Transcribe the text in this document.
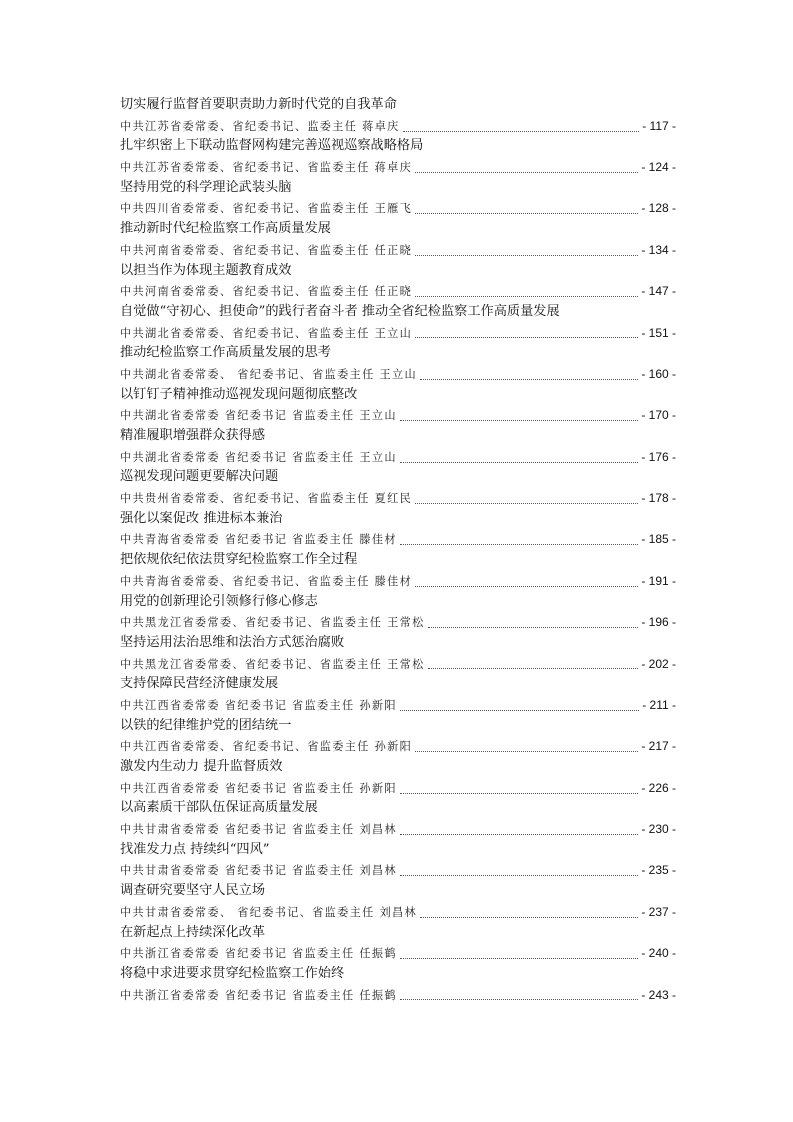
切实履行监督首要职责助力新时代党的自我革命
中共江苏省委常委、省纪委书记、监委主任 蒋卓庆	- 117 -
扎牢织密上下联动监督网构建完善巡视巡察战略格局
中共江苏省委常委、省纪委书记、省监委主任 蒋卓庆	- 124 -
坚持用党的科学理论武装头脑
中共四川省委常委、省纪委书记、省监委主任 王雁飞	- 128 -
推动新时代纪检监察工作高质量发展
中共河南省委常委、省纪委书记、省监委主任 任正晓	- 134 -
以担当作为体现主题教育成效
中共河南省委常委、省纪委书记、省监委主任 任正晓	- 147 -
自觉做“守初心、担使命”的践行者奋斗者 推动全省纪检监察工作高质量发展
中共湖北省委常委、省纪委书记、省监委主任 王立山	- 151 -
推动纪检监察工作高质量发展的思考
中共湖北省委常委、 省纪委书记、省监委主任 王立山	- 160 -
以钉钉子精神推动巡视发现问题彻底整改
中共湖北省委常委 省纪委书记 省监委主任 王立山	- 170 -
精准履职增强群众获得感
中共湖北省委常委 省纪委书记 省监委主任 王立山	- 176 -
巡视发现问题更要解决问题
中共贵州省委常委、省纪委书记、省监委主任 夏红民	- 178 -
强化以案促改 推进标本兼治
中共青海省委常委 省纪委书记 省监委主任 滕佳材	- 185 -
把依规依纪依法贯穿纪检监察工作全过程
中共青海省委常委、省纪委书记、省监委主任 滕佳材	- 191 -
用党的创新理论引领修行修心修志
中共黑龙江省委常委、省纪委书记、省监委主任 王常松	- 196 -
坚持运用法治思维和法治方式惩治腐败
中共黑龙江省委常委、省纪委书记、省监委主任 王常松	- 202 -
支持保障民营经济健康发展
中共江西省委常委 省纪委书记 省监委主任 孙新阳	- 211 -
以铁的纪律维护党的团结统一
中共江西省委常委、省纪委书记、省监委主任 孙新阳	- 217 -
激发内生动力 提升监督质效
中共江西省委常委 省纪委书记 省监委主任 孙新阳	- 226 -
以高素质干部队伍保证高质量发展
中共甘肃省委常委 省纪委书记 省监委主任 刘昌林	- 230 -
找准发力点 持续纠“四风”
中共甘肃省委常委 省纪委书记 省监委主任 刘昌林	- 235 -
调查研究要坚守人民立场
中共甘肃省委常委、 省纪委书记、省监委主任 刘昌林	- 237 -
在新起点上持续深化改革
中共浙江省委常委 省纪委书记 省监委主任 任振鹤	- 240 -
将稳中求进要求贯穿纪检监察工作始终
中共浙江省委常委 省纪委书记 省监委主任 任振鹤	- 243 -
